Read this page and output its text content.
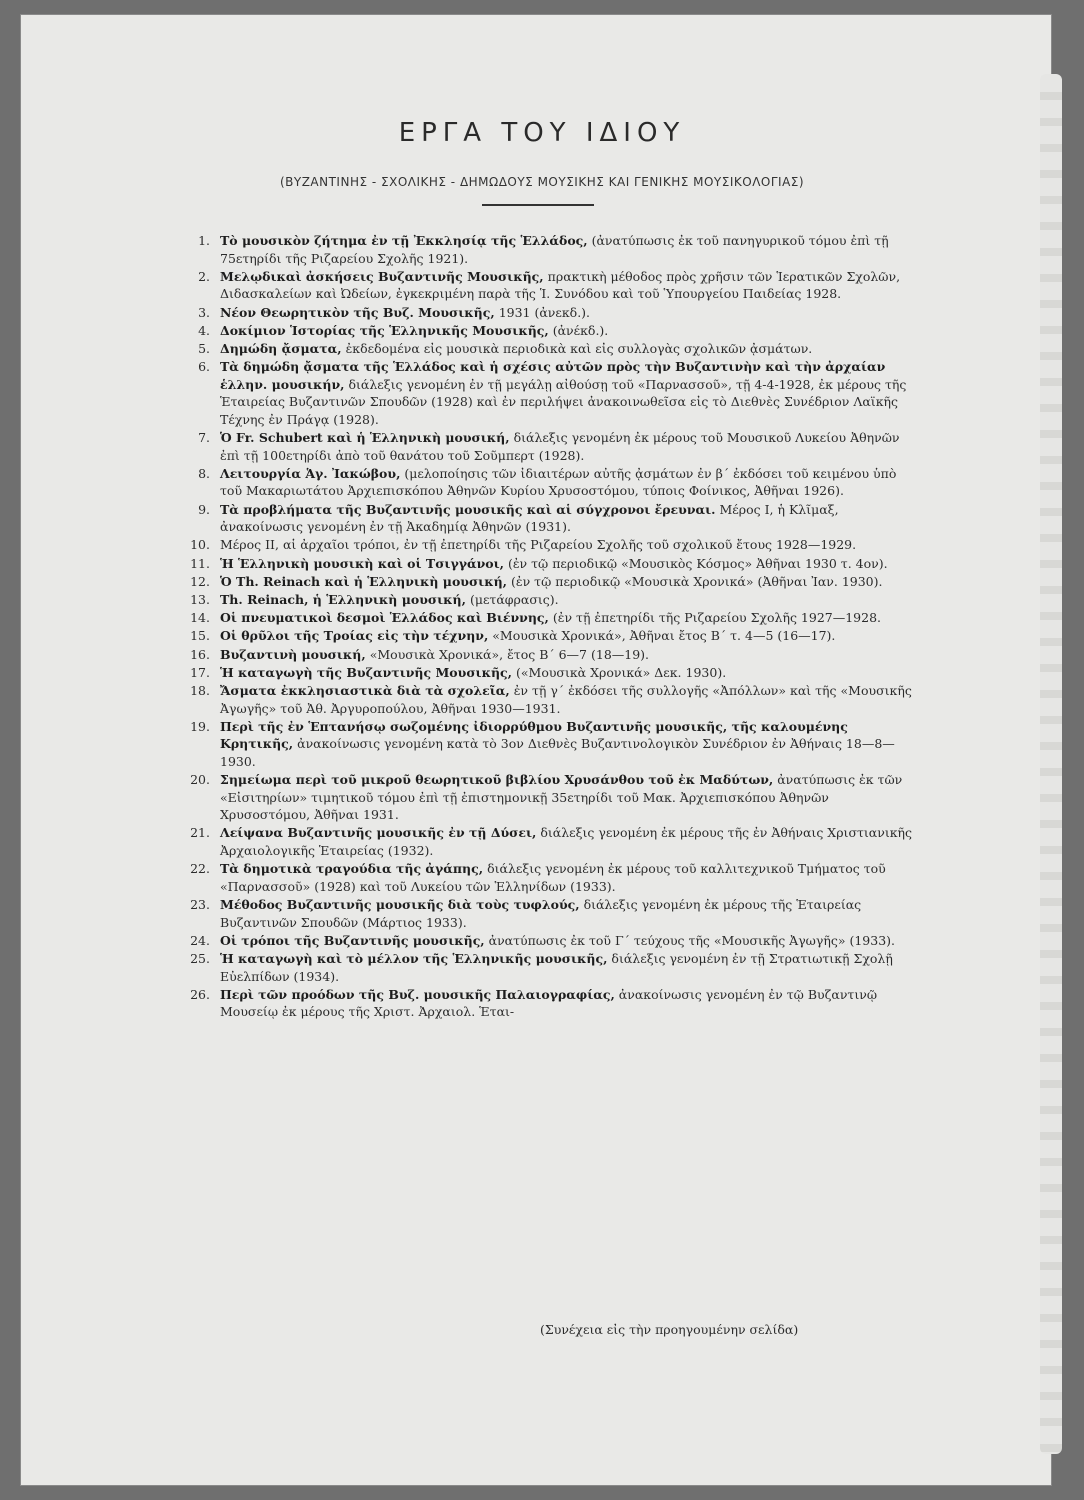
ΕΡΓΑ ΤΟΥ ΙΔΙΟΥ
(ΒΥΖΑΝΤΙΝΗΣ - ΣΧΟΛΙΚΗΣ - ΔΗΜΩΔΟΥΣ ΜΟΥΣΙΚΗΣ ΚΑΙ ΓΕΝΙΚΗΣ ΜΟΥΣΙΚΟΛΟΓΙΑΣ)
1. Τὸ μουσικὸν ζήτημα ἐν τῇ Ἐκκλησίᾳ τῆς Ἑλλάδος, (ἀνατύπωσις ἐκ τοῦ πανηγυρικοῦ τόμου ἐπὶ τῇ 75ετηρίδι τῆς Ριζαρείου Σχολῆς 1921).
2. Μελῳδικαὶ ἀσκήσεις Βυζαντινῆς Μουσικῆς, πρακτικὴ μέθοδος πρὸς χρῆσιν τῶν Ἱερατικῶν Σχολῶν, Διδασκαλείων καὶ Ὠδείων, ἐγκεκριμένη παρὰ τῆς Ἱ. Συνόδου καὶ τοῦ Ὑπουργείου Παιδείας 1928.
3. Νέον Θεωρητικὸν τῆς Βυζ. Μουσικῆς, 1931 (ἀνεκδ.).
4. Δοκίμιον Ἱστορίας τῆς Ἑλληνικῆς Μουσικῆς, (ἀνέκδ.).
5. Δημώδη ᾄσματα, ἐκδεδομένα εἰς μουσικὰ περιοδικὰ καὶ εἰς συλλογὰς σχολικῶν ᾀσμάτων.
6. Τὰ δημώδη ᾄσματα τῆς Ἑλλάδος καὶ ἡ σχέσις αὐτῶν πρὸς τὴν Βυζαντινὴν καὶ τὴν ἀρχαίαν ἑλλην. μουσικήν, διάλεξις γενομένη ἐν τῇ μεγάλῃ αἰθούσῃ τοῦ «Παρνασσοῦ», τῇ 4-4-1928, ἐκ μέρους τῆς Ἑταιρείας Βυζαντινῶν Σπουδῶν (1928) καὶ ἐν περιλήψει ἀνακοινωθεῖσα εἰς τὸ Διεθνὲς Συνέδριον Λαϊκῆς Τέχνης ἐν Πράγᾳ (1928).
7. Ὁ Fr. Schubert καὶ ἡ Ἑλληνικὴ μουσική, διάλεξις γενομένη ἐκ μέρους τοῦ Μουσικοῦ Λυκείου Ἀθηνῶν ἐπὶ τῇ 100ετηρίδι ἀπὸ τοῦ θανάτου τοῦ Σοῦμπερτ (1928).
8. Λειτουργία Ἁγ. Ἰακώβου, (μελοποίησις τῶν ἰδιαιτέρων αὐτῆς ᾀσμάτων ἐν β´ ἐκδόσει τοῦ κειμένου ὑπὸ τοῦ Μακαριωτάτου Ἀρχιεπισκόπου Ἀθηνῶν Κυρίου Χρυσοστόμου, τύποις Φοίνικος, Ἀθῆναι 1926).
9. Τὰ προβλήματα τῆς Βυζαντινῆς μουσικῆς καὶ αἱ σύγχρονοι ἔρευναι. Μέρος I, ἡ Κλῖμαξ, ἀνακοίνωσις γενομένη ἐν τῇ Ἀκαδημίᾳ Ἀθηνῶν (1931).
10. Μέρος II, αἱ ἀρχαῖοι τρόποι, ἐν τῇ ἐπετηρίδι τῆς Ριζαρείου Σχολῆς τοῦ σχολικοῦ ἔτους 1928—1929.
11. Ἡ Ἑλληνικὴ μουσικὴ καὶ οἱ Τσιγγάνοι, (ἐν τῷ περιοδικῷ «Μουσικὸς Κόσμος» Ἀθῆναι 1930 τ. 4ον).
12. Ὁ Th. Reinach καὶ ἡ Ἑλληνικὴ μουσική, (ἐν τῷ περιοδικῷ «Μουσικὰ Χρονικά» (Ἀθῆναι Ἰαν. 1930).
13. Th. Reinach, ἡ Ἑλληνικὴ μουσική, (μετάφρασις).
14. Οἱ πνευματικοὶ δεσμοὶ Ἑλλάδος καὶ Βιέννης, (ἐν τῇ ἐπετηρίδι τῆς Ριζαρείου Σχολῆς 1927—1928.
15. Οἱ θρῦλοι τῆς Τροίας εἰς τὴν τέχνην, «Μουσικὰ Χρονικά», Ἀθῆναι ἔτος Β´ τ. 4—5 (16—17).
16. Βυζαντινὴ μουσική, «Μουσικὰ Χρονικά», ἔτος Β´ 6—7 (18—19).
17. Ἡ καταγωγὴ τῆς Βυζαντινῆς Μουσικῆς, («Μουσικὰ Χρονικά» Δεκ. 1930).
18. Ἄσματα ἐκκλησιαστικὰ διὰ τὰ σχολεῖα, ἐν τῇ γ´ ἐκδόσει τῆς συλλογῆς «Ἀπόλλων» καὶ τῆς «Μουσικῆς Ἀγωγῆς» τοῦ Ἀθ. Ἀργυροπούλου, Ἀθῆναι 1930—1931.
19. Περὶ τῆς ἐν Ἑπτανήσῳ σωζομένης ἰδιορρύθμου Βυζαντινῆς μουσικῆς, τῆς καλουμένης Κρητικῆς, ἀνακοίνωσις γενομένη κατὰ τὸ 3ον Διεθνὲς Βυζαντινολογικὸν Συνέδριον ἐν Ἀθήναις 18—8—1930.
20. Σημείωμα περὶ τοῦ μικροῦ θεωρητικοῦ βιβλίου Χρυσάνθου τοῦ ἐκ Μαδύτων, ἀνατύπωσις ἐκ τῶν «Εἰσιτηρίων» τιμητικοῦ τόμου ἐπὶ τῇ ἐπιστημονικῇ 35ετηρίδι τοῦ Μακ. Ἀρχιεπισκόπου Ἀθηνῶν Χρυσοστόμου, Ἀθῆναι 1931.
21. Λείψανα Βυζαντινῆς μουσικῆς ἐν τῇ Δύσει, διάλεξις γενομένη ἐκ μέρους τῆς ἐν Ἀθήναις Χριστιανικῆς Ἀρχαιολογικῆς Ἑταιρείας (1932).
22. Τὰ δημοτικὰ τραγούδια τῆς ἀγάπης, διάλεξις γενομένη ἐκ μέρους τοῦ καλλιτεχνικοῦ Τμήματος τοῦ «Παρνασσοῦ» (1928) καὶ τοῦ Λυκείου τῶν Ἑλληνίδων (1933).
23. Μέθοδος Βυζαντινῆς μουσικῆς διὰ τοὺς τυφλούς, διάλεξις γενομένη ἐκ μέρους τῆς Ἑταιρείας Βυζαντινῶν Σπουδῶν (Μάρτιος 1933).
24. Οἱ τρόποι τῆς Βυζαντινῆς μουσικῆς, ἀνατύπωσις ἐκ τοῦ Γ´ τεύχους τῆς «Μουσικῆς Ἀγωγῆς» (1933).
25. Ἡ καταγωγὴ καὶ τὸ μέλλον τῆς Ἑλληνικῆς μουσικῆς, διάλεξις γενομένη ἐν τῇ Στρατιωτικῇ Σχολῇ Εὐελπίδων (1934).
26. Περὶ τῶν προόδων τῆς Βυζ. μουσικῆς Παλαιογραφίας, ἀνακοίνωσις γενομένη ἐν τῷ Βυζαντινῷ Μουσείῳ ἐκ μέρους τῆς Χριστ. Ἀρχαιολ. Ἑται-
(Συνέχεια εἰς τὴν προηγουμένην σελίδα)
